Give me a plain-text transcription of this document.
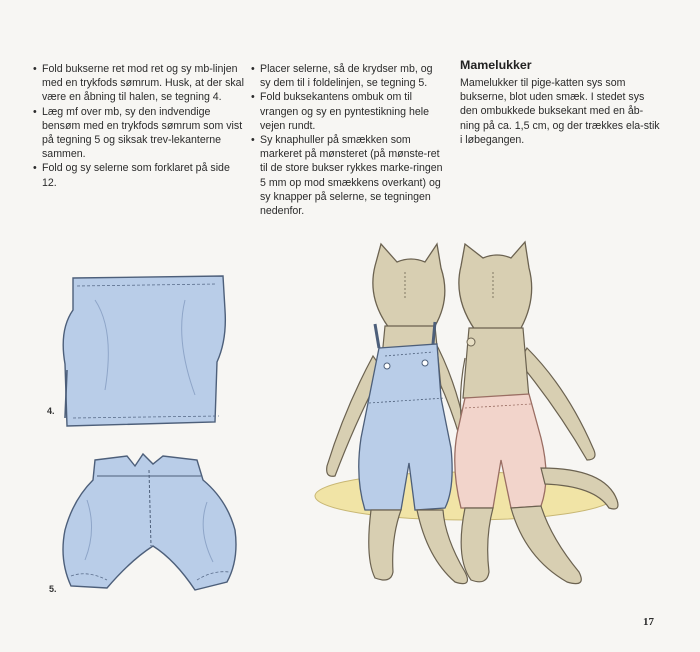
• Fold bukserne ret mod ret og sy mb-linjen med en trykfods sømrum. Husk, at der skal være en åbning til halen, se tegning 4.
• Læg mf over mb, sy den indvendige bensøm med en trykfods sømrum som vist på tegning 5 og siksak trev-lekanterne sammen.
• Fold og sy selerne som forklaret på side 12.
• Placer selerne, så de krydser mb, og sy dem til i foldelinjen, se tegning 5.
• Fold buksekantens ombuk om til vrangen og sy en pyntestikning hele vejen rundt.
• Sy knaphuller på smækken som markeret på mønsteret (på mønste-ret til de store bukser rykkes marke-ringen 5 mm op mod smækkens overkant) og sy knapper på selerne, se tegningen nedenfor.
Mamelukker

Mamelukker til pige-katten sys som bukserne, blot uden smæk. I stedet sys den ombukkede buksekant med en åb-ning på ca. 1,5 cm, og der trækkes ela-stik i løbegangen.

4.
5.
17
